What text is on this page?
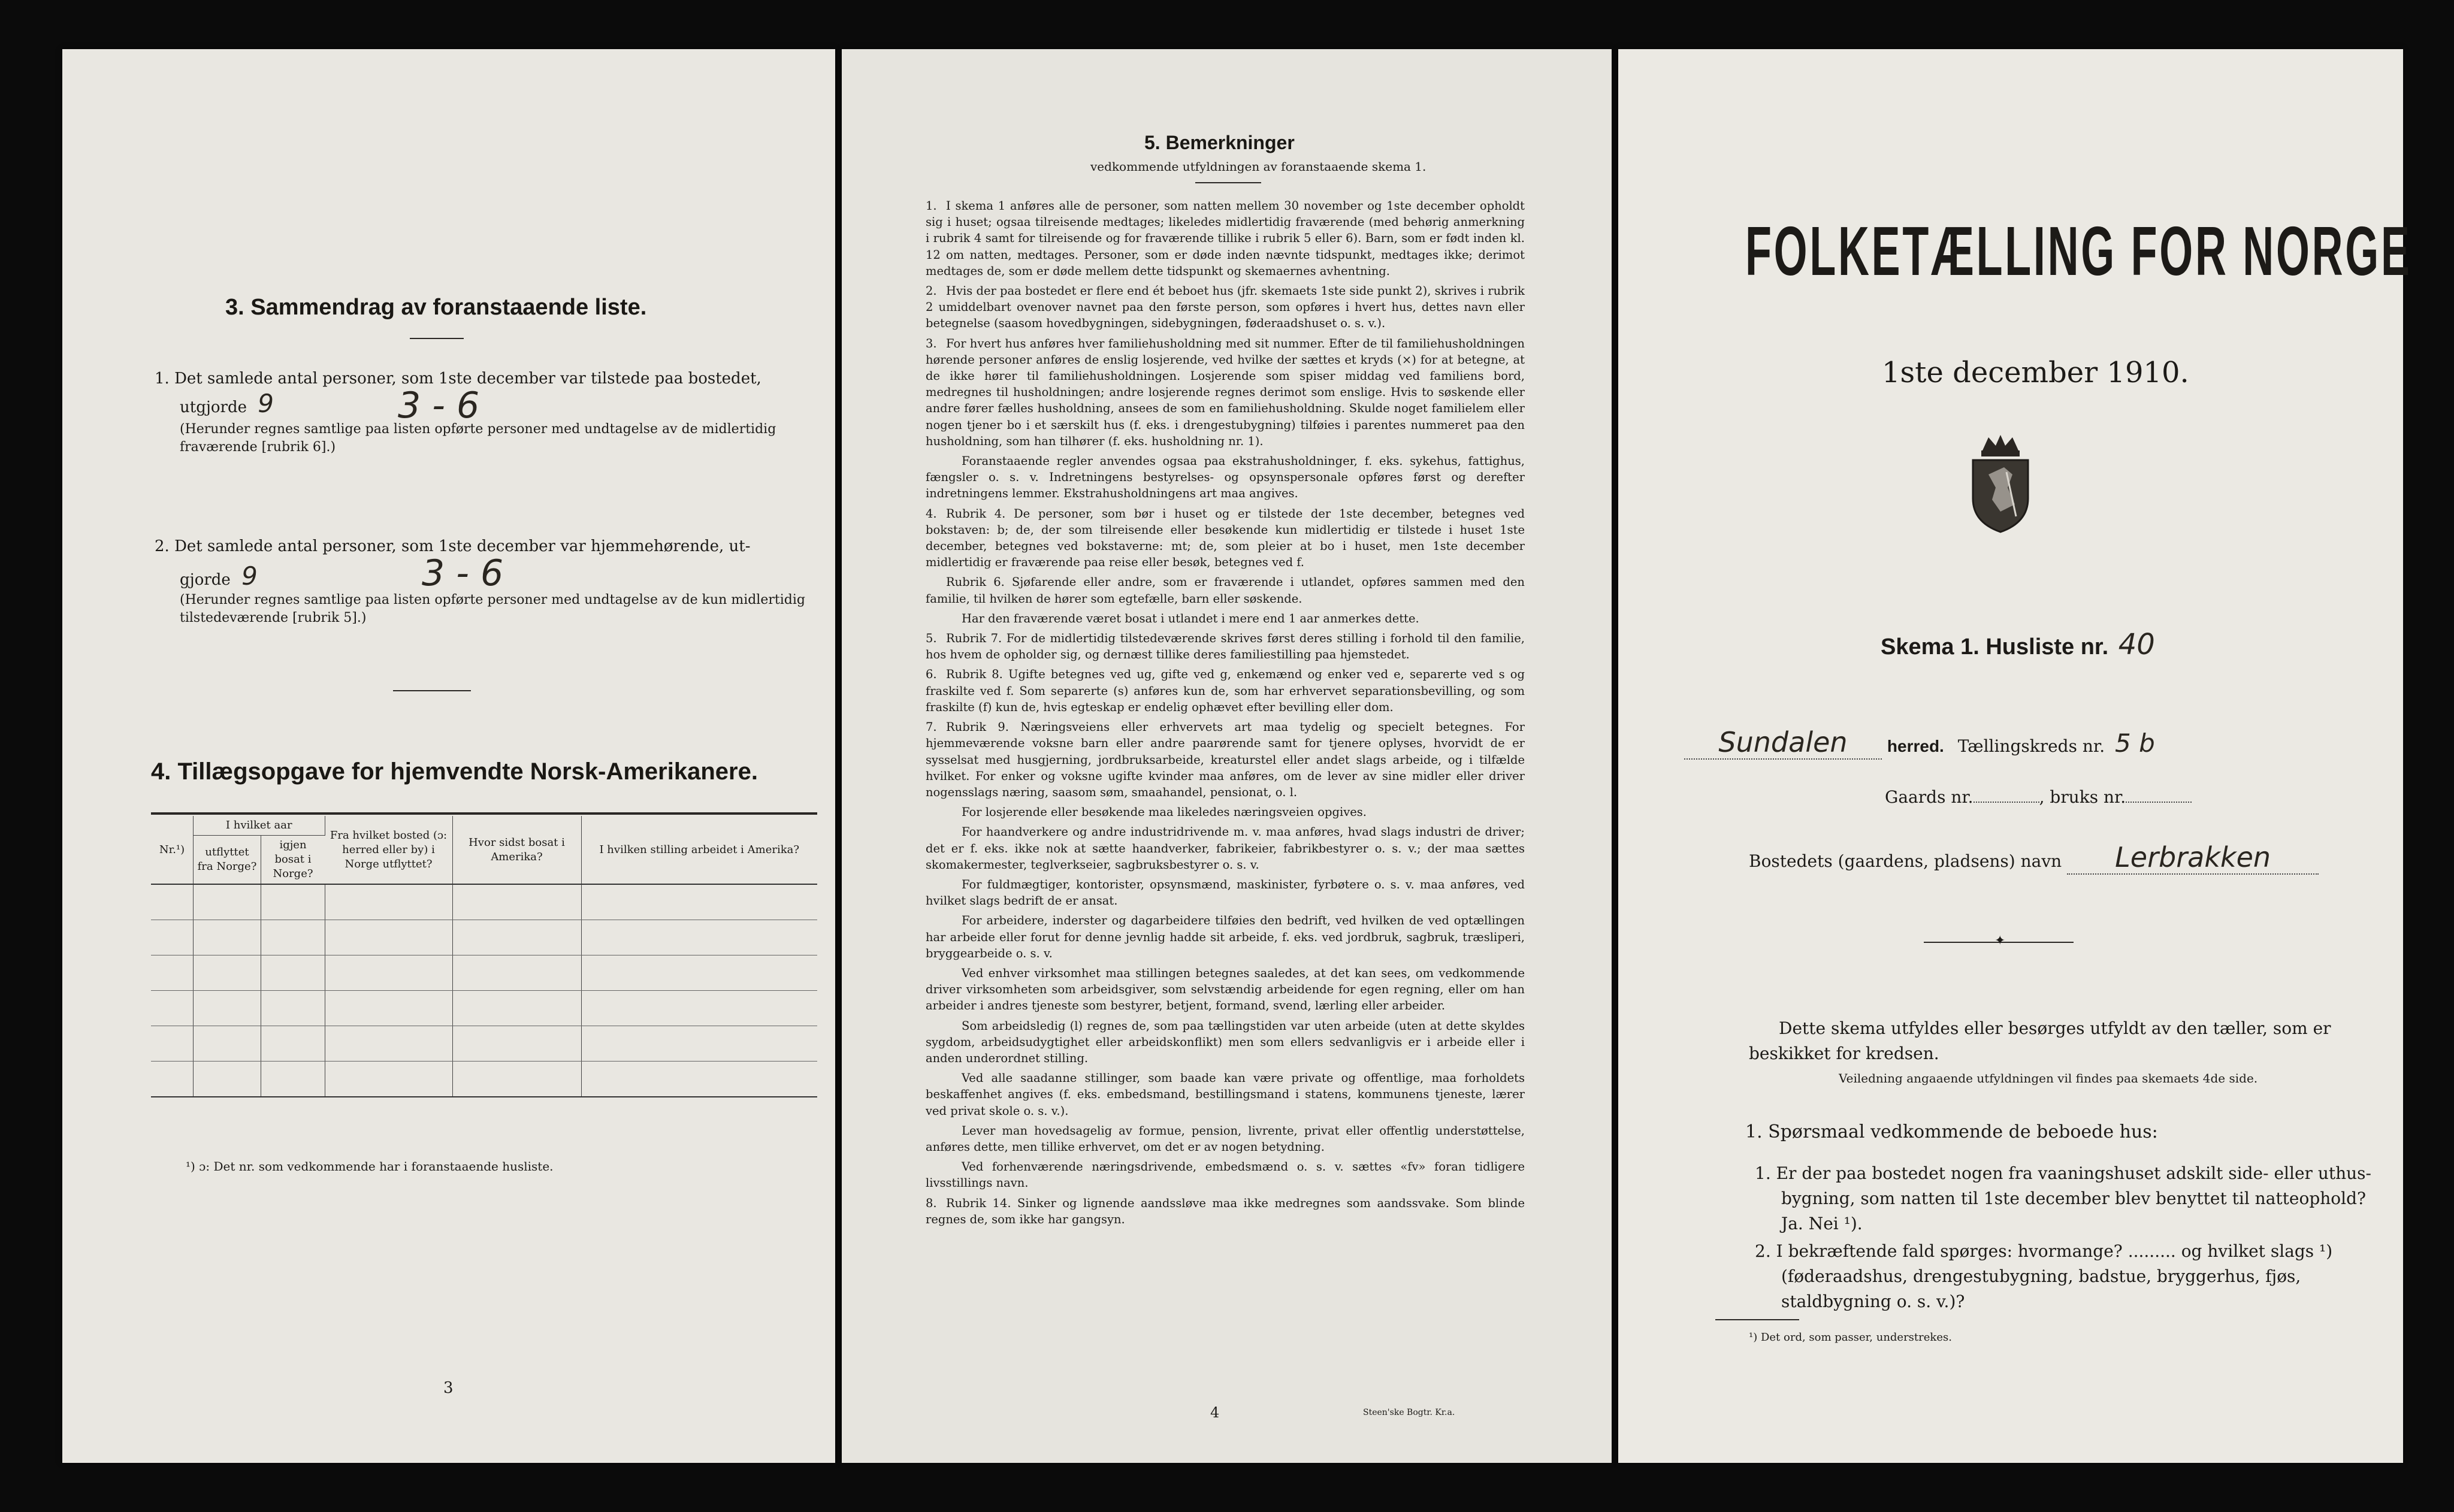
3. Sammendrag av foranstaaende liste.
1. Det samlede antal personer, som 1ste december var tilstede paa bostedet,
utgjorde 9	3 - 6
(Herunder regnes samtlige paa listen opførte personer med undtagelse av de midlertidig fraværende [rubrik 6].)
2. Det samlede antal personer, som 1ste december var hjemmehørende, ut-
gjorde 9	3 - 6
(Herunder regnes samtlige paa listen opførte personer med undtagelse av de kun midlertidig tilstedeværende [rubrik 5].)
4. Tillægsopgave for hjemvendte Norsk-Amerikanere.
Nr.¹)	I hvilket aar		Fra hvilket bosted (ɔ: herred eller by) i Norge utflyttet?	Hvor sidst bosat i Amerika?	I hvilken stilling arbeidet i Amerika?
	utflyttet fra Norge?	igjen bosat i Norge?			

¹) ɔ: Det nr. som vedkommende har i foranstaaende husliste.
3
5. Bemerkninger
vedkommende utfyldningen av foranstaaende skema 1.

1. I skema 1 anføres alle de personer, som natten mellem 30 november og 1ste december opholdt sig i huset; ogsaa tilreisende medtages; likeledes midlertidig fraværende (med behørig anmerkning i rubrik 4 samt for tilreisende og for fraværende tillike i rubrik 5 eller 6). Barn, som er født inden kl. 12 om natten, medtages. Personer, som er døde inden nævnte tidspunkt, medtages ikke; derimot medtages de, som er døde mellem dette tidspunkt og skemaernes avhentning.

2. Hvis der paa bostedet er flere end ét beboet hus (jfr. skemaets 1ste side punkt 2), skrives i rubrik 2 umiddelbart ovenover navnet paa den første person, som opføres i hvert hus, dettes navn eller betegnelse (saasom hovedbygningen, sidebygningen, føderaadshuset o. s. v.).

3. For hvert hus anføres hver familiehusholdning med sit nummer. Efter de til familiehusholdningen hørende personer anføres de enslig losjerende, ved hvilke der sættes et kryds (×) for at betegne, at de ikke hører til familiehusholdningen. Losjerende som spiser middag ved familiens bord, medregnes til husholdningen; andre losjerende regnes derimot som enslige. Hvis to søskende eller andre fører fælles husholdning, ansees de som en familiehusholdning. Skulde noget familielem eller nogen tjener bo i et særskilt hus (f. eks. i drengestubygning) tilføies i parentes nummeret paa den husholdning, som han tilhører (f. eks. husholdning nr. 1).

Foranstaaende regler anvendes ogsaa paa ekstrahusholdninger, f. eks. sykehus, fattighus, fængsler o. s. v. Indretningens bestyrelses- og opsynspersonale opføres først og derefter indretningens lemmer. Ekstrahusholdningens art maa angives.

4. Rubrik 4. De personer, som bør i huset og er tilstede der 1ste december, betegnes ved bokstaven: b; de, der som tilreisende eller besøkende kun midlertidig er tilstede i huset 1ste december, betegnes ved bokstaverne: mt; de, som pleier at bo i huset, men 1ste december midlertidig er fraværende paa reise eller besøk, betegnes ved f.

Rubrik 6. Sjøfarende eller andre, som er fraværende i utlandet, opføres sammen med den familie, til hvilken de hører som egtefælle, barn eller søskende.

Har den fraværende været bosat i utlandet i mere end 1 aar anmerkes dette.

5. Rubrik 7. For de midlertidig tilstedeværende skrives først deres stilling i forhold til den familie, hos hvem de opholder sig, og dernæst tillike deres familiestilling paa hjemstedet.

6. Rubrik 8. Ugifte betegnes ved ug, gifte ved g, enkemænd og enker ved e, separerte ved s og fraskilte ved f. Som separerte (s) anføres kun de, som har erhvervet separationsbevilling, og som fraskilte (f) kun de, hvis egteskap er endelig ophævet efter bevilling eller dom.

7. Rubrik 9. Næringsveiens eller erhvervets art maa tydelig og specielt betegnes. For hjemmeværende voksne barn eller andre paarørende samt for tjenere oplyses, hvorvidt de er sysselsat med husgjerning, jordbruksarbeide, kreaturstel eller andet slags arbeide, og i tilfælde hvilket. For enker og voksne ugifte kvinder maa anføres, om de lever av sine midler eller driver nogensslags næring, saasom søm, smaahandel, pensionat, o. l.

For losjerende eller besøkende maa likeledes næringsveien opgives.

For haandverkere og andre industridrivende m. v. maa anføres, hvad slags industri de driver; det er f. eks. ikke nok at sætte haandverker, fabrikeier, fabrikbestyrer o. s. v.; der maa sættes skomakermester, teglverkseier, sagbruksbestyrer o. s. v.

For fuldmægtiger, kontorister, opsynsmænd, maskinister, fyrbøtere o. s. v. maa anføres, ved hvilket slags bedrift de er ansat.

For arbeidere, inderster og dagarbeidere tilføies den bedrift, ved hvilken de ved optællingen har arbeide eller forut for denne jevnlig hadde sit arbeide, f. eks. ved jordbruk, sagbruk, træsliperi, bryggearbeide o. s. v.

Ved enhver virksomhet maa stillingen betegnes saaledes, at det kan sees, om vedkommende driver virksomheten som arbeidsgiver, som selvstændig arbeidende for egen regning, eller om han arbeider i andres tjeneste som bestyrer, betjent, formand, svend, lærling eller arbeider.

Som arbeidsledig (l) regnes de, som paa tællingstiden var uten arbeide (uten at dette skyldes sygdom, arbeidsudygtighet eller arbeidskonflikt) men som ellers sedvanligvis er i arbeide eller i anden underordnet stilling.

Ved alle saadanne stillinger, som baade kan være private og offentlige, maa forholdets beskaffenhet angives (f. eks. embedsmand, bestillingsmand i statens, kommunens tjeneste, lærer ved privat skole o. s. v.).

Lever man hovedsagelig av formue, pension, livrente, privat eller offentlig understøttelse, anføres dette, men tillike erhvervet, om det er av nogen betydning.

Ved forhenværende næringsdrivende, embedsmænd o. s. v. sættes «fv» foran tidligere livsstillings navn.

8. Rubrik 14. Sinker og lignende aandssløve maa ikke medregnes som aandssvake. Som blinde regnes de, som ikke har gangsyn.

4	Steen'ske Bogtr. Kr.a.
FOLKETÆLLING FOR NORGE
1ste december 1910.
Skema 1. Husliste nr. 40
Sundalen herred. Tællingskreds nr. 5 b
Gaards nr.	, bruks nr.
Bostedets (gaardens, pladsens) navn Lerbrakken
✦
Dette skema utfyldes eller besørges utfyldt av den tæller, som er beskikket for kredsen.
Veiledning angaaende utfyldningen vil findes paa skemaets 4de side.
1. Spørsmaal vedkommende de beboede hus:
1. Er der paa bostedet nogen fra vaaningshuset adskilt side- eller uthus-bygning, som natten til 1ste december blev benyttet til natteophold? Ja. Nei ¹).
2. I bekræftende fald spørges: hvormange? ......... og hvilket slags ¹) (føderaadshus, drengestubygning, badstue, bryggerhus, fjøs, staldbygning o. s. v.)?
¹) Det ord, som passer, understrekes.
